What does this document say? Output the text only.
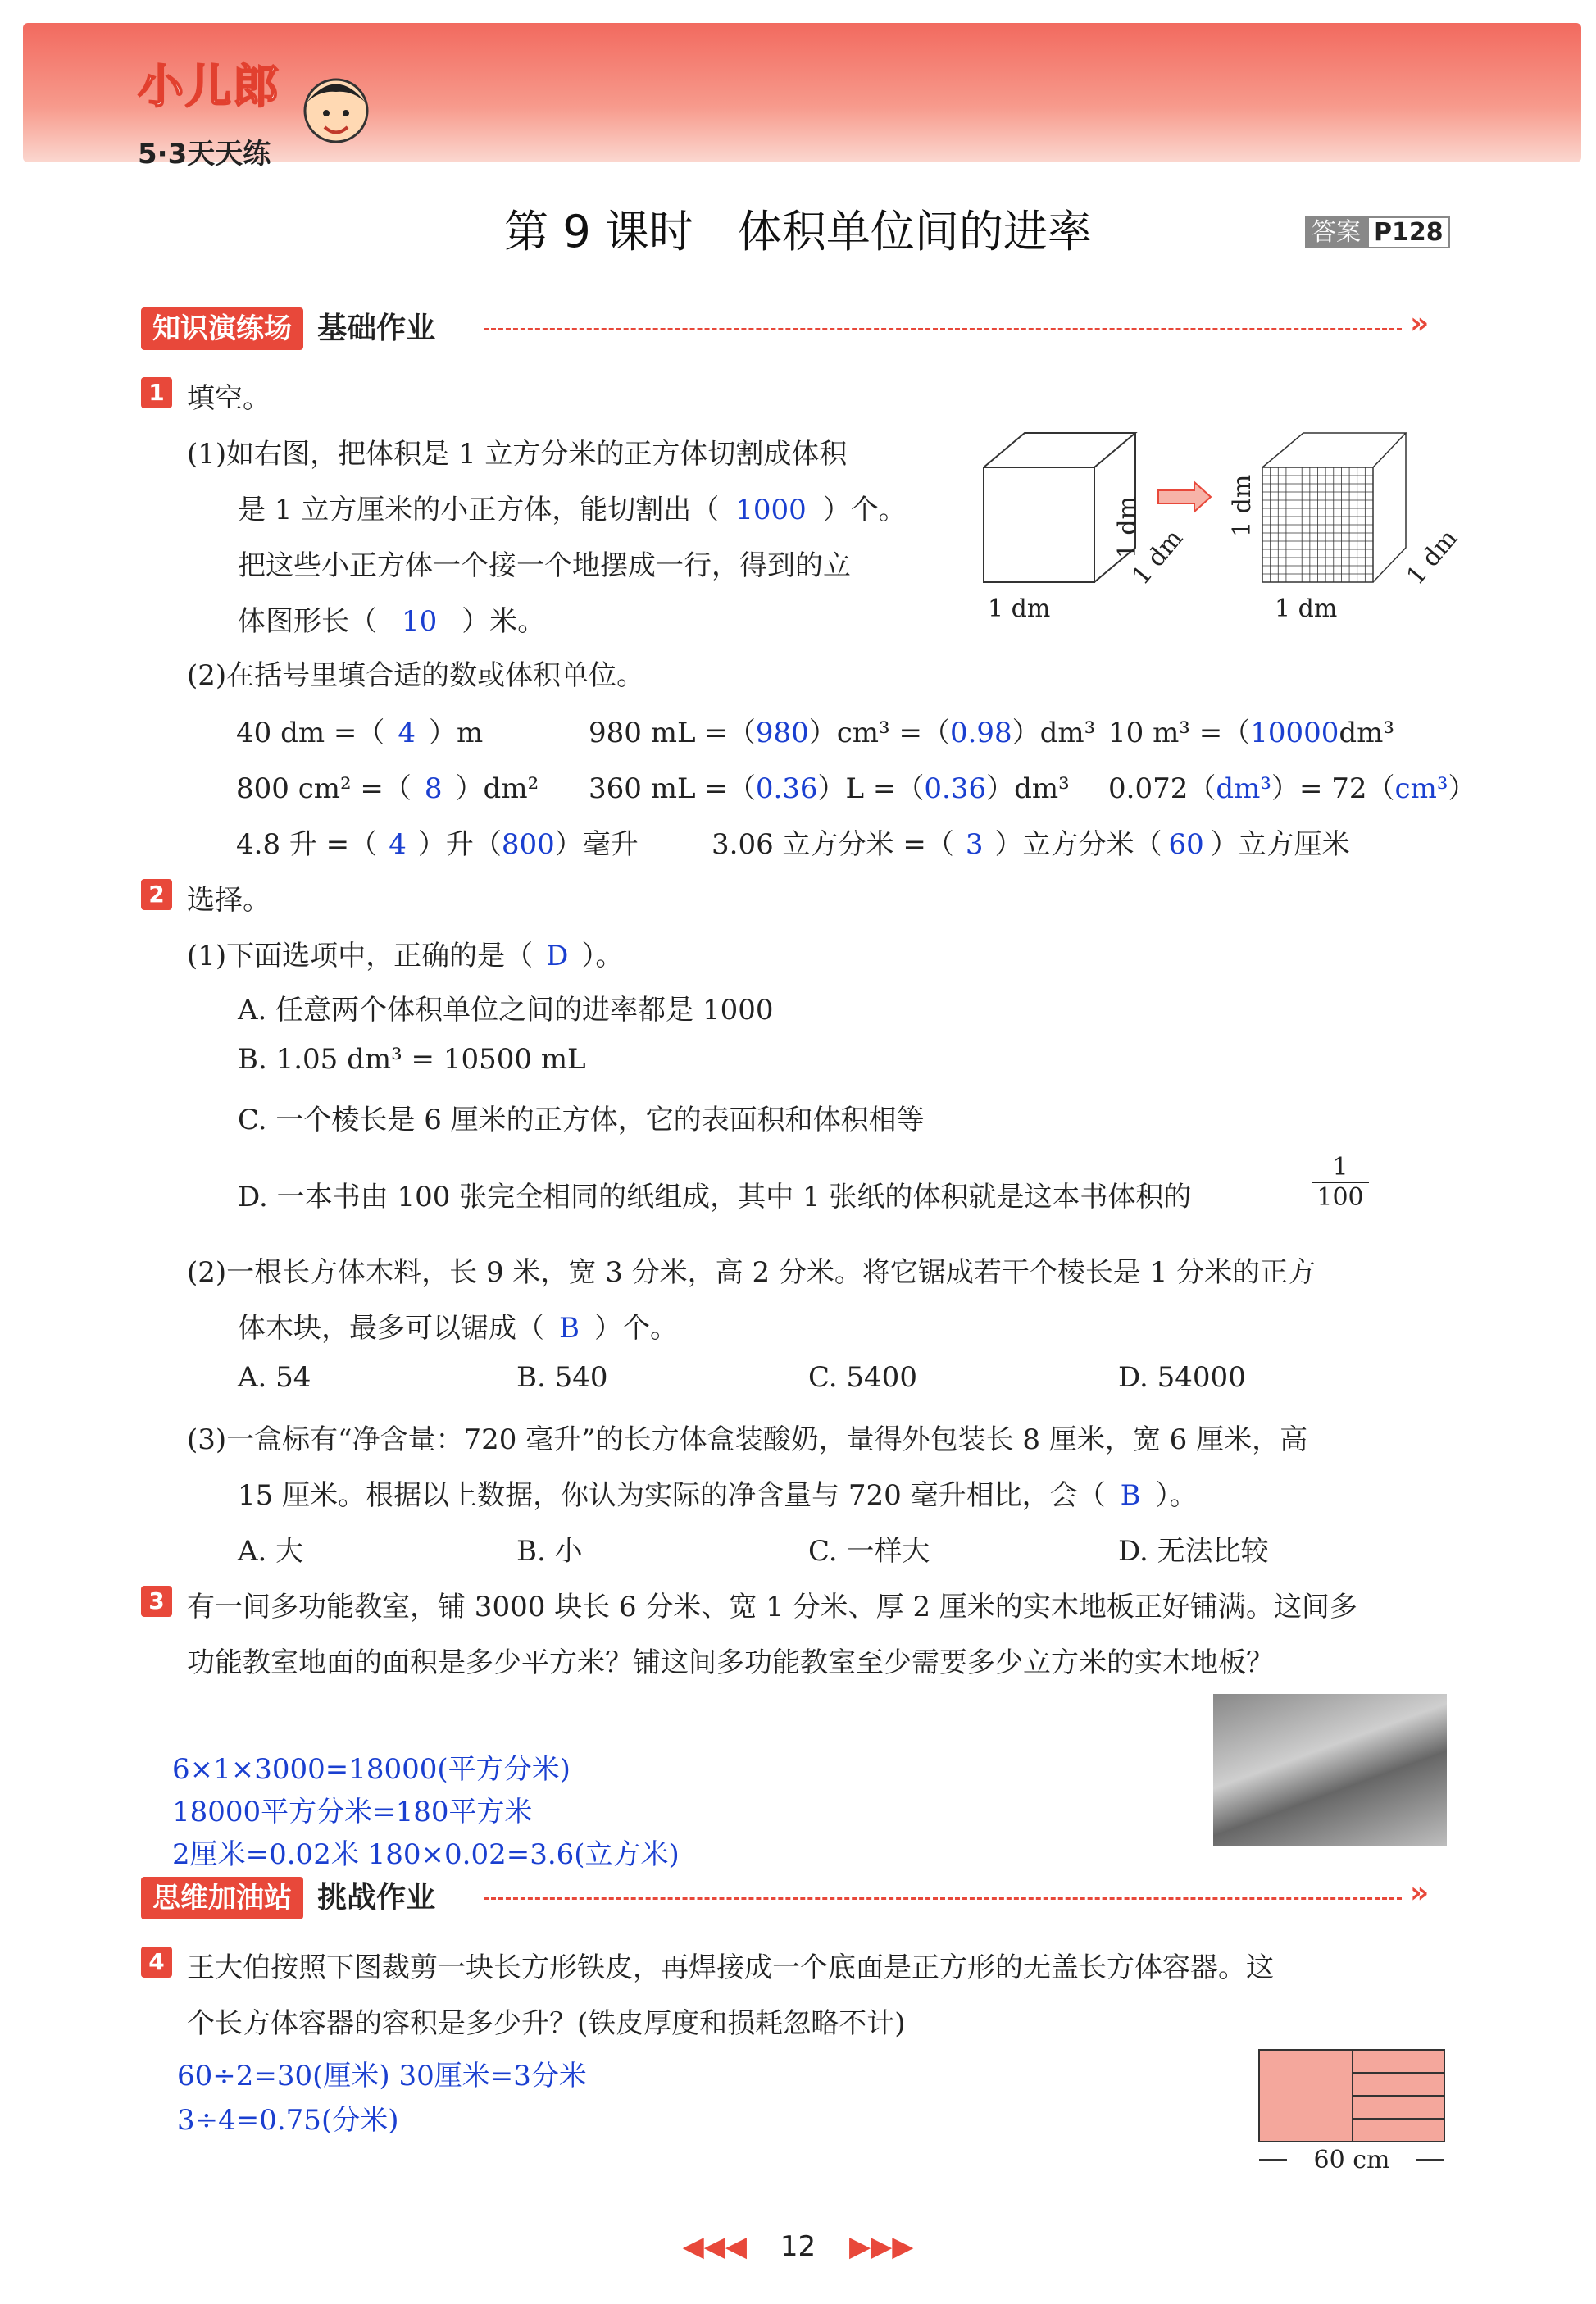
小儿郎
5·3天天练
第 9 课时　体积单位间的进率	答案 P128
知识演练场 基础作业	»
1 填空。
(1)如右图，把体积是 1 立方分米的正方体切割成体积
是 1 立方厘米的小正方体，能切割出（ 1000 ）个。
把这些小正方体一个接一个地摆成一行，得到的立
体图形长（ 10 ）米。
1 dm
1 dm
1 dm
1 dm
1 dm
1 dm
(2)在括号里填合适的数或体积单位。
40 dm =（ 4 ）m	980 mL =（980）cm³ =（0.98）dm³ 10 m³ =（10000dm³
800 cm² =（ 8 ）dm² 360 mL =（0.36）L =（0.36）dm³ 0.072（dm³）= 72（cm³）
4.8 升 =（ 4 ）升（800）毫升	3.06 立方分米 =（ 3 ）立方分米（ 60 ）立方厘米
2 选择。
(1)下面选项中，正确的是（ D ）。
A. 任意两个体积单位之间的进率都是 1000
B. 1.05 dm³ = 10500 mL
C. 一个棱长是 6 厘米的正方体，它的表面积和体积相等
D. 一本书由 100 张完全相同的纸组成，其中 1 张纸的体积就是这本书体积的
1
100
(2)一根长方体木料，长 9 米，宽 3 分米，高 2 分米。将它锯成若干个棱长是 1 分米的正方
体木块，最多可以锯成（ B ）个。
A. 54	B. 540	C. 5400	D. 54000
(3)一盒标有“净含量：720 毫升”的长方体盒装酸奶，量得外包装长 8 厘米，宽 6 厘米，高
15 厘米。根据以上数据，你认为实际的净含量与 720 毫升相比，会（ B ）。
A. 大	B. 小	C. 一样大	D. 无法比较
3 有一间多功能教室，铺 3000 块长 6 分米、宽 1 分米、厚 2 厘米的实木地板正好铺满。这间多
功能教室地面的面积是多少平方米？铺这间多功能教室至少需要多少立方米的实木地板？
6×1×3000=18000(平方分米)
18000平方分米=180平方米
2厘米=0.02米 180×0.02=3.6(立方米)
思维加油站 挑战作业	»
4 王大伯按照下图裁剪一块长方形铁皮，再焊接成一个底面是正方形的无盖长方体容器。这
个长方体容器的容积是多少升？(铁皮厚度和损耗忽略不计)
60÷2=30(厘米) 30厘米=3分米
3÷4=0.75(分米)
60 cm
◀◀◀ 12 ▶▶▶
